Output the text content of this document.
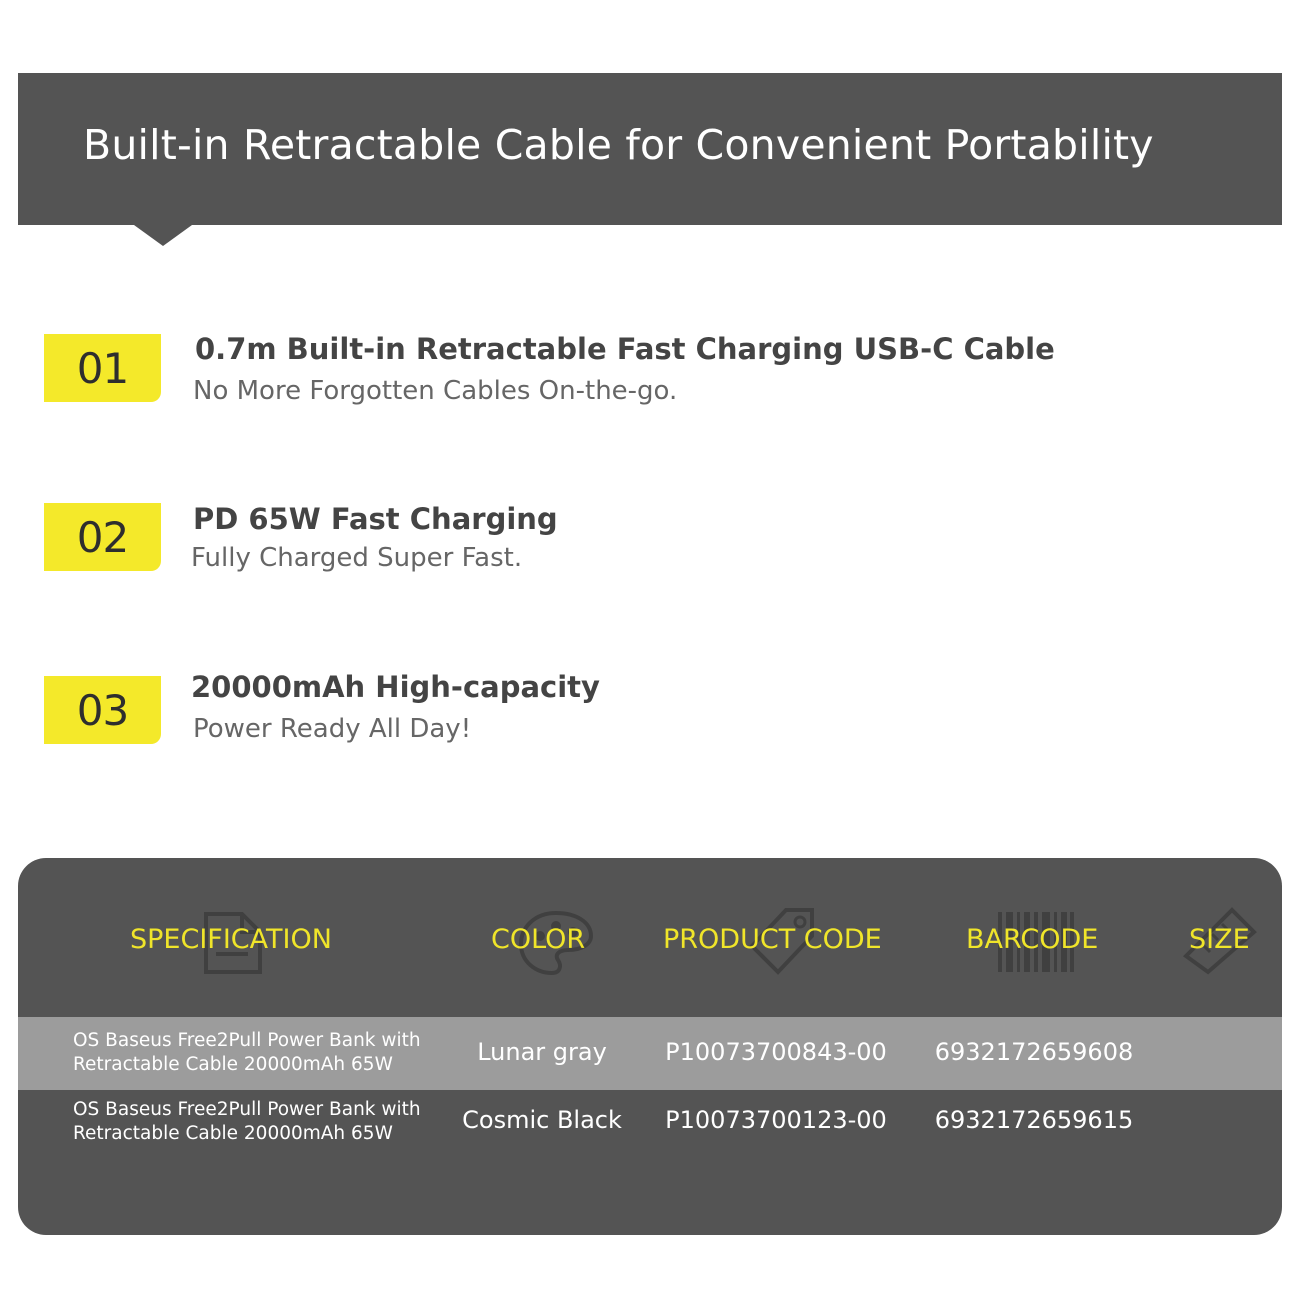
Built-in Retractable Cable for Convenient Portability
01	0.7m Built-in Retractable Fast Charging USB-C Cable
No More Forgotten Cables On-the-go.
02	PD 65W Fast Charging
Fully Charged Super Fast.
03	20000mAh High-capacity
Power Ready All Day!
SPECIFICATION	COLOR	PRODUCT CODE	BARCODE	SIZE
OS Baseus Free2Pull Power Bank with Retractable Cable 20000mAh 65W	Lunar gray	P10073700843-00	6932172659608
OS Baseus Free2Pull Power Bank with Retractable Cable 20000mAh 65W	Cosmic Black	P10073700123-00	6932172659615
